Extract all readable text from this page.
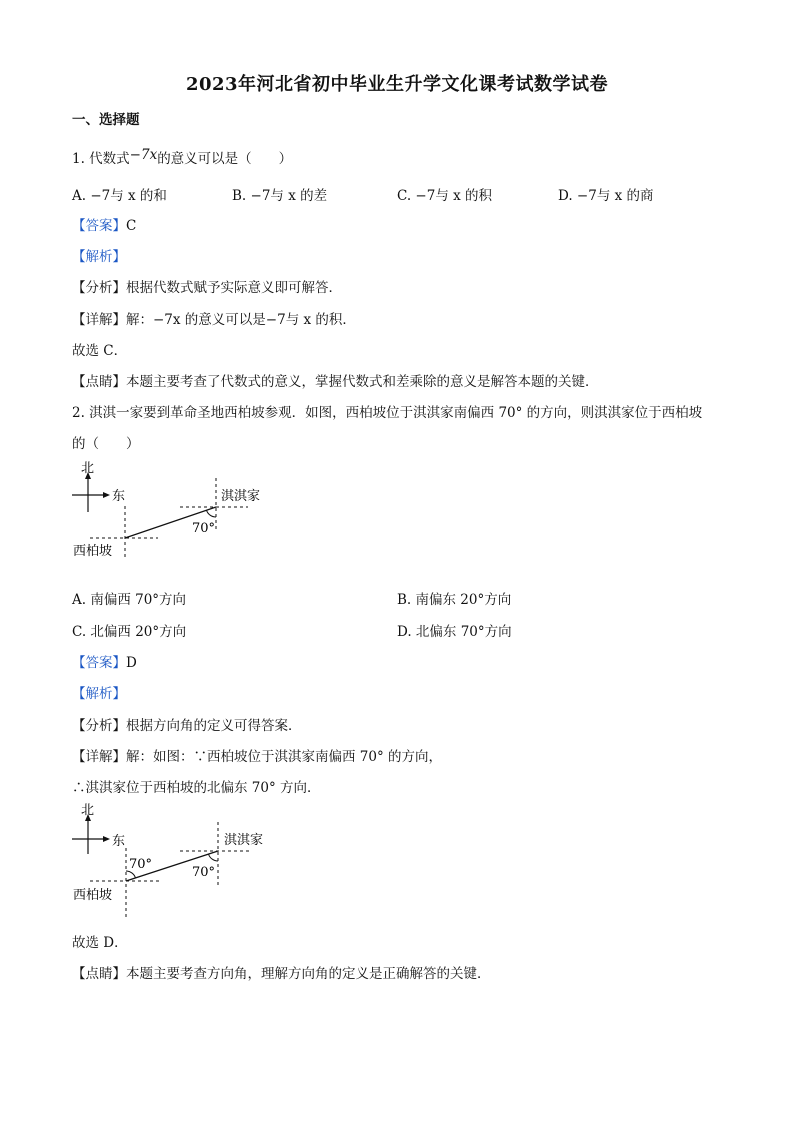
2023年河北省初中毕业生升学文化课考试数学试卷
一、选择题
1. 代数式−7x的意义可以是（　　）
A. −7与 x 的和	B. −7与 x 的差	C. −7与 x 的积	D. −7与 x 的商
【答案】C
【解析】
【分析】根据代数式赋予实际意义即可解答．
【详解】解：−7x 的意义可以是−7与 x 的积．
故选 C．
【点睛】本题主要考查了代数式的意义，掌握代数式和差乘除的意义是解答本题的关键．
2. 淇淇一家要到革命圣地西柏坡参观．如图，西柏坡位于淇淇家南偏西 70° 的方向，则淇淇家位于西柏坡
的（　　）
北
东
70°
淇淇家
西柏坡
A. 南偏西 70°方向	B. 南偏东 20°方向
C. 北偏西 20°方向	D. 北偏东 70°方向
【答案】D
【解析】
【分析】根据方向角的定义可得答案．
【详解】解：如图：∵西柏坡位于淇淇家南偏西 70° 的方向，
∴淇淇家位于西柏坡的北偏东 70° 方向．
北
东
70°
70°
淇淇家
西柏坡
故选 D．
【点睛】本题主要考查方向角，理解方向角的定义是正确解答的关键．
